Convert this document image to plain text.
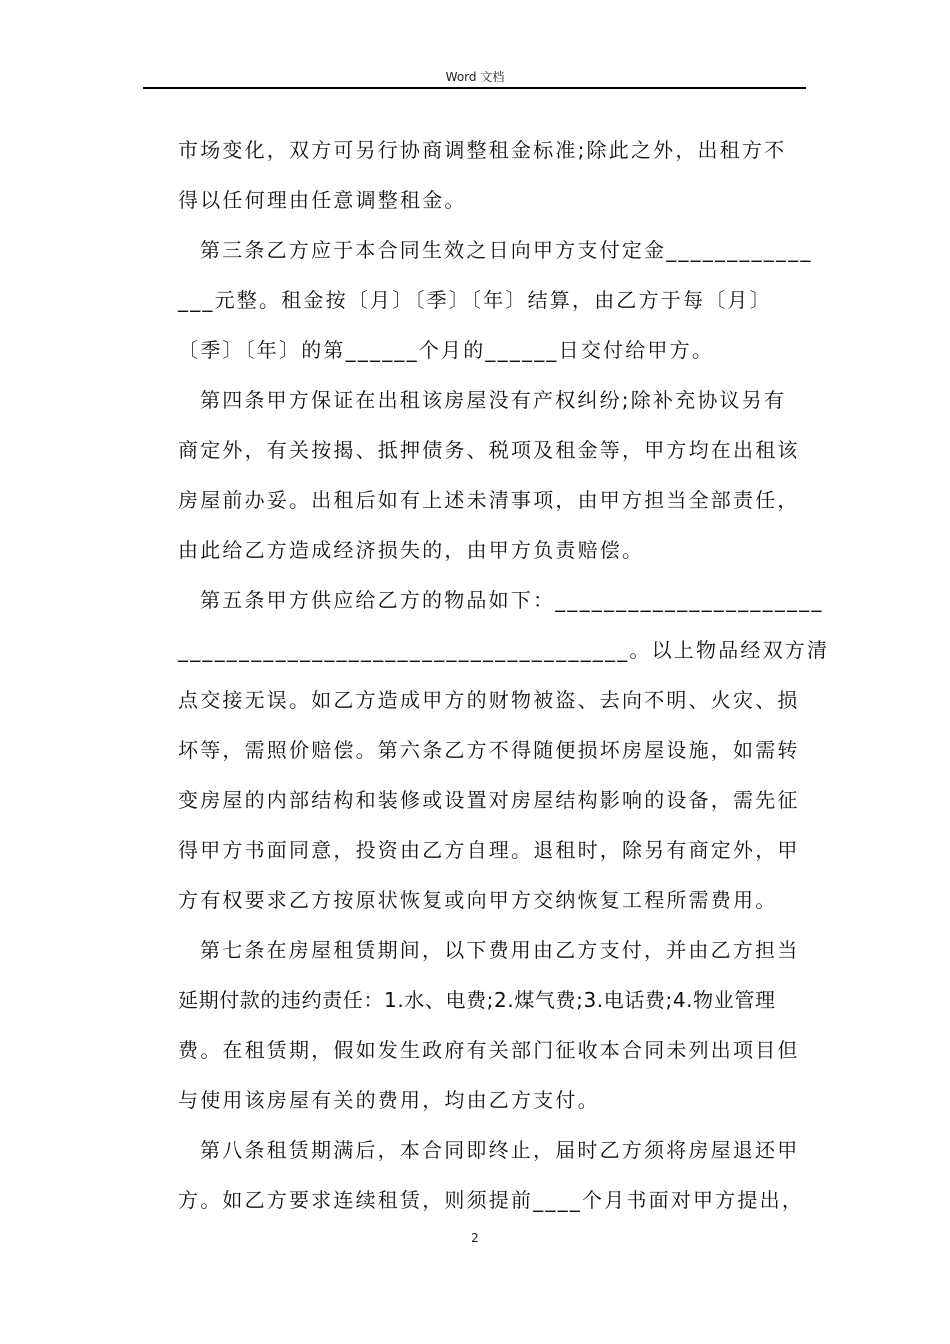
Word 文档
市场变化，双方可另行协商调整租金标准;除此之外，出租方不
得以任何理由任意调整租金。
第三条乙方应于本合同生效之日向甲方支付定金____________
___元整。租金按〔月〕〔季〕〔年〕结算，由乙方于每〔月〕
〔季〕〔年〕的第______个月的______日交付给甲方。
第四条甲方保证在出租该房屋没有产权纠纷;除补充协议另有
商定外，有关按揭、抵押债务、税项及租金等，甲方均在出租该
房屋前办妥。出租后如有上述未清事项，由甲方担当全部责任，
由此给乙方造成经济损失的，由甲方负责赔偿。
第五条甲方供应给乙方的物品如下：______________________
_____________________________________。以上物品经双方清
点交接无误。如乙方造成甲方的财物被盗、去向不明、火灾、损
坏等，需照价赔偿。第六条乙方不得随便损坏房屋设施，如需转
变房屋的内部结构和装修或设置对房屋结构影响的设备，需先征
得甲方书面同意，投资由乙方自理。退租时，除另有商定外，甲
方有权要求乙方按原状恢复或向甲方交纳恢复工程所需费用。
第七条在房屋租赁期间，以下费用由乙方支付，并由乙方担当
延期付款的违约责任：1.水、电费;2.煤气费;3.电话费;4.物业管理
费。在租赁期，假如发生政府有关部门征收本合同未列出项目但
与使用该房屋有关的费用，均由乙方支付。
第八条租赁期满后，本合同即终止，届时乙方须将房屋退还甲
方。如乙方要求连续租赁，则须提前____个月书面对甲方提出，
2
